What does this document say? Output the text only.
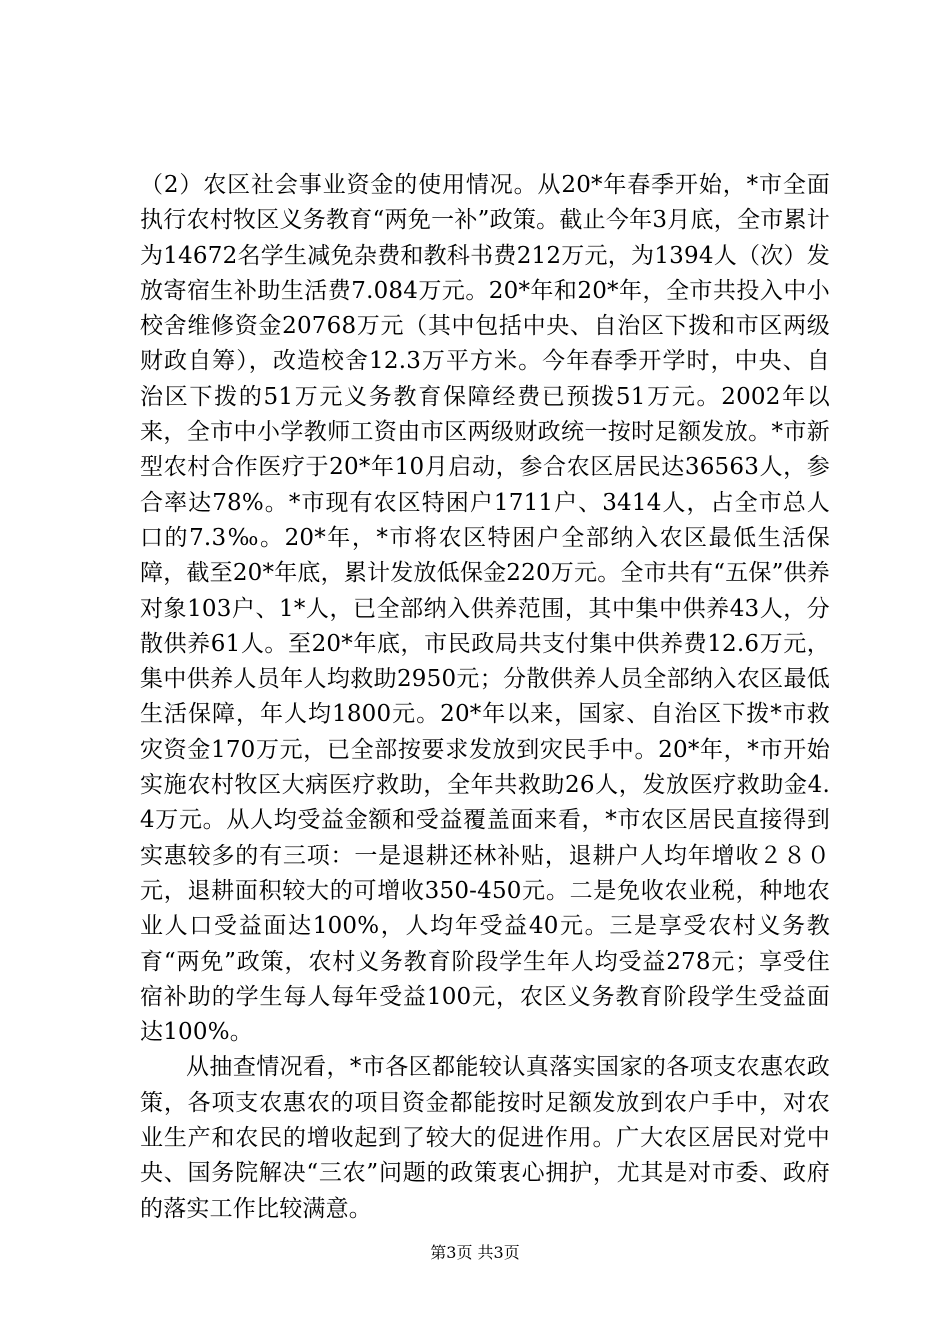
（2）农区社会事业资金的使用情况。从20*年春季开始，*市全面执行农村牧区义务教育“两免一补”政策。截止今年3月底，全市累计为14672名学生减免杂费和教科书费212万元，为1394人（次）发放寄宿生补助生活费7.084万元。20*年和20*年，全市共投入中小校舍维修资金20768万元（其中包括中央、自治区下拨和市区两级财政自筹），改造校舍12.3万平方米。今年春季开学时，中央、自治区下拨的51万元义务教育保障经费已预拨51万元。2002年以来，全市中小学教师工资由市区两级财政统一按时足额发放。*市新型农村合作医疗于20*年10月启动，参合农区居民达36563人，参合率达78%。*市现有农区特困户1711户、3414人，占全市总人口的7.3‰。20*年，*市将农区特困户全部纳入农区最低生活保障，截至20*年底，累计发放低保金220万元。全市共有“五保”供养对象103户、1*人，已全部纳入供养范围，其中集中供养43人，分散供养61人。至20*年底，市民政局共支付集中供养费12.6万元，集中供养人员年人均救助2950元；分散供养人员全部纳入农区最低生活保障，年人均1800元。20*年以来，国家、自治区下拨*市救灾资金170万元，已全部按要求发放到灾民手中。20*年，*市开始实施农村牧区大病医疗救助，全年共救助26人，发放医疗救助金4.4万元。从人均受益金额和受益覆盖面来看，*市农区居民直接得到实惠较多的有三项：一是退耕还林补贴，退耕户人均年增收２８０元，退耕面积较大的可增收350-450元。二是免收农业税，种地农业人口受益面达100%，人均年受益40元。三是享受农村义务教育“两免”政策，农村义务教育阶段学生年人均受益278元；享受住宿补助的学生每人每年受益100元，农区义务教育阶段学生受益面达100%。

从抽查情况看，*市各区都能较认真落实国家的各项支农惠农政策，各项支农惠农的项目资金都能按时足额发放到农户手中，对农业生产和农民的增收起到了较大的促进作用。广大农区居民对党中央、国务院解决“三农”问题的政策衷心拥护，尤其是对市委、政府的落实工作比较满意。

第3页 共3页
